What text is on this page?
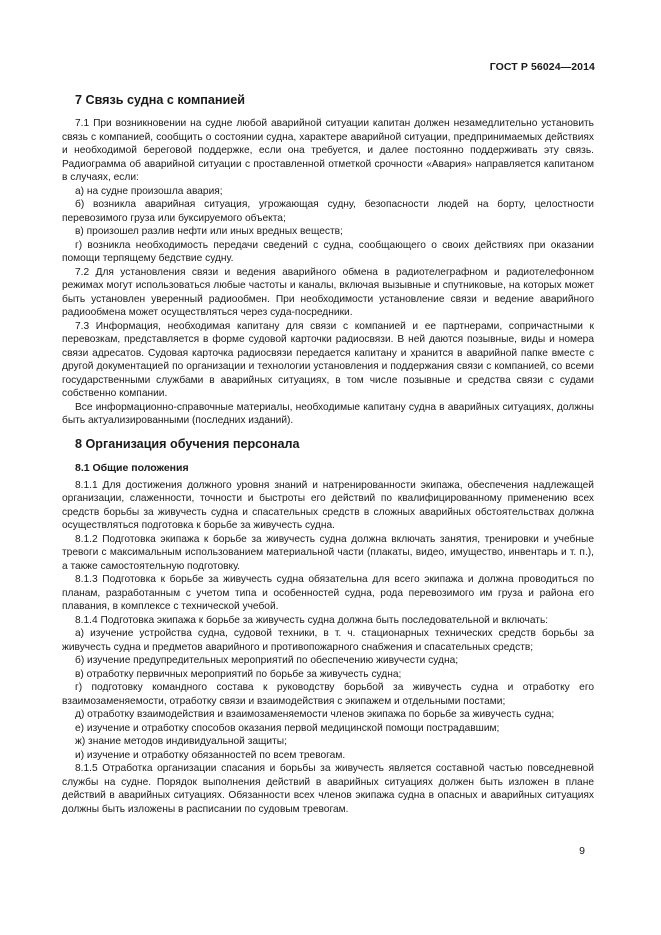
ГОСТ Р 56024—2014
7 Связь судна с компанией

7.1 При возникновении на судне любой аварийной ситуации капитан должен незамедлительно установить связь с компанией, сообщить о состоянии судна, характере аварийной ситуации, предпринимаемых действиях и необходимой береговой поддержке, если она требуется, и далее постоянно поддерживать эту связь. Радиограмма об аварийной ситуации с проставленной отметкой срочности «Авария» направляется капитаном в случаях, если:

а) на судне произошла авария;

б) возникла аварийная ситуация, угрожающая судну, безопасности людей на борту, целостности перевозимого груза или буксируемого объекта;

в) произошел разлив нефти или иных вредных веществ;

г) возникла необходимость передачи сведений с судна, сообщающего о своих действиях при оказании помощи терпящему бедствие судну.

7.2 Для установления связи и ведения аварийного обмена в радиотелеграфном и радиотелефонном режимах могут использоваться любые частоты и каналы, включая вызывные и спутниковые, на которых может быть установлен уверенный радиообмен. При необходимости установление связи и ведение аварийного радиообмена может осуществляться через суда-посредники.

7.3 Информация, необходимая капитану для связи с компанией и ее партнерами, сопричастными к перевозкам, представляется в форме судовой карточки радиосвязи. В ней даются позывные, виды и номера связи адресатов. Судовая карточка радиосвязи передается капитану и хранится в аварийной папке вместе с другой документацией по организации и технологии установления и поддержания связи с компанией, со всеми государственными службами в аварийных ситуациях, в том числе позывные и средства связи с судами собственно компании.

Все информационно-справочные материалы, необходимые капитану судна в аварийных ситуациях, должны быть актуализированными (последних изданий).

8 Организация обучения персонала
8.1 Общие положения

8.1.1 Для достижения должного уровня знаний и натренированности экипажа, обеспечения надлежащей организации, слаженности, точности и быстроты его действий по квалифицированному применению всех средств борьбы за живучесть судна и спасательных средств в сложных аварийных обстоятельствах должна осуществляться подготовка к борьбе за живучесть судна.

8.1.2 Подготовка экипажа к борьбе за живучесть судна должна включать занятия, тренировки и учебные тревоги с максимальным использованием материальной части (плакаты, видео, имущество, инвентарь и т. п.), а также самостоятельную подготовку.

8.1.3 Подготовка к борьбе за живучесть судна обязательна для всего экипажа и должна проводиться по планам, разработанным с учетом типа и особенностей судна, рода перевозимого им груза и района его плавания, в комплексе с технической учебой.

8.1.4 Подготовка экипажа к борьбе за живучесть судна должна быть последовательной и включать:

а) изучение устройства судна, судовой техники, в т. ч. стационарных технических средств борьбы за живучесть судна и предметов аварийного и противопожарного снабжения и спасательных средств;

б) изучение предупредительных мероприятий по обеспечению живучести судна;

в) отработку первичных мероприятий по борьбе за живучесть судна;

г) подготовку командного состава к руководству борьбой за живучесть судна и отработку его взаимозаменяемости, отработку связи и взаимодействия с экипажем и отдельными постами;

д) отработку взаимодействия и взаимозаменяемости членов экипажа по борьбе за живучесть судна;

е) изучение и отработку способов оказания первой медицинской помощи пострадавшим;

ж) знание методов индивидуальной защиты;

и) изучение и отработку обязанностей по всем тревогам.

8.1.5 Отработка организации спасания и борьбы за живучесть является составной частью повседневной службы на судне. Порядок выполнения действий в аварийных ситуациях должен быть изложен в плане действий в аварийных ситуациях. Обязанности всех членов экипажа судна в опасных и аварийных ситуациях должны быть изложены в расписании по судовым тревогам.

9
